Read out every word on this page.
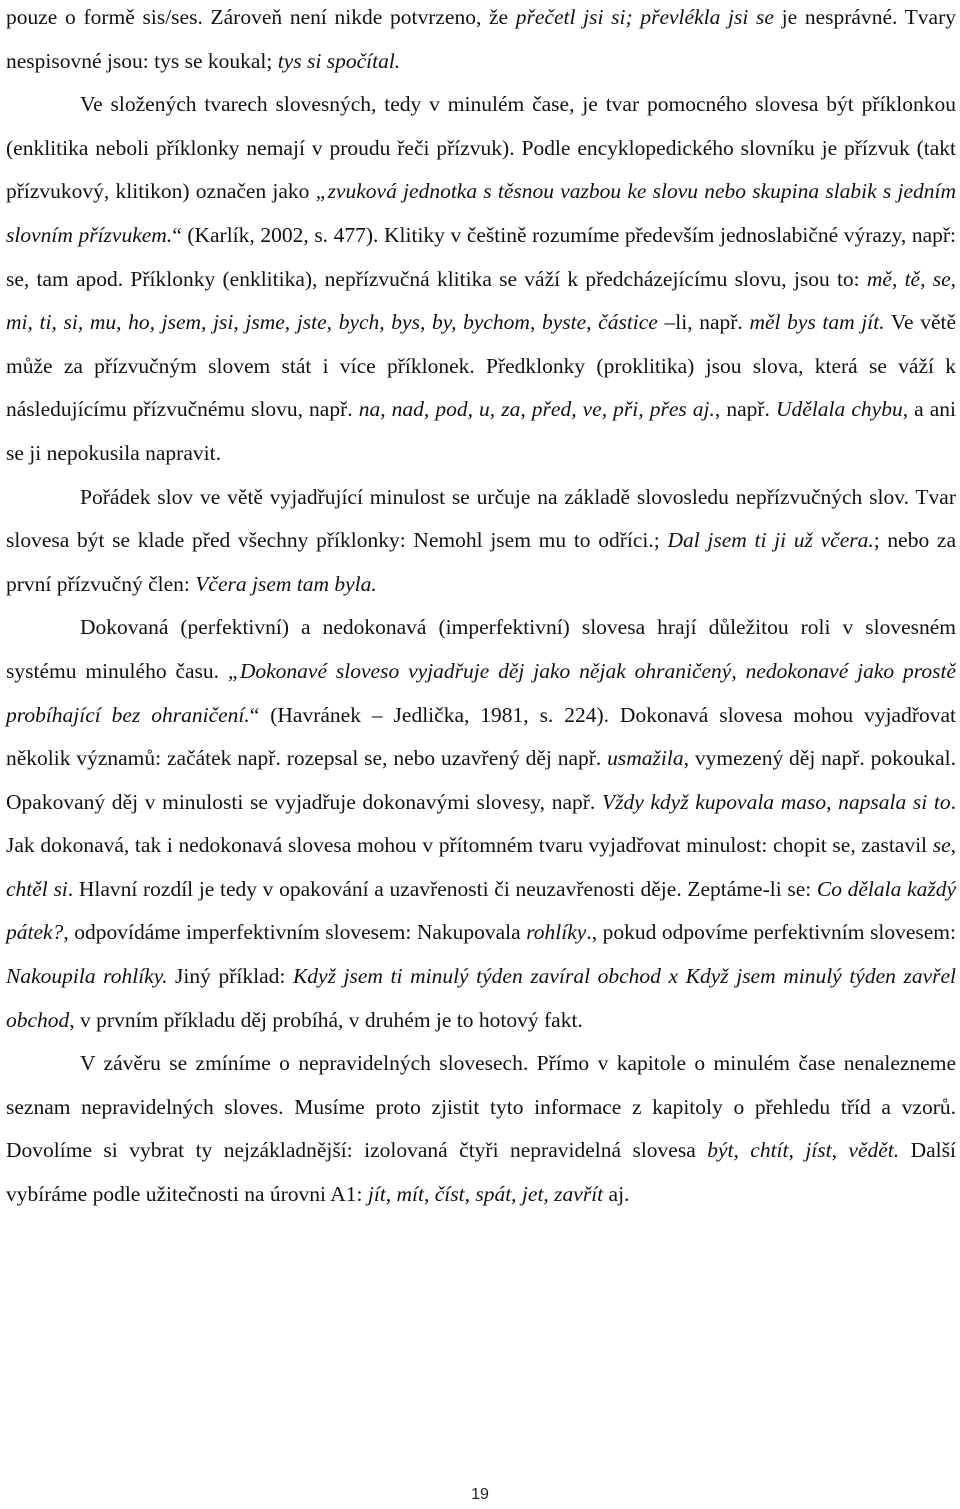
pouze o formě sis/ses. Zároveň není nikde potvrzeno, že přečetl jsi si; převlékla jsi se je nesprávné. Tvary nespisovné jsou: tys se koukal; tys si spočítal.

Ve složených tvarech slovesných, tedy v minulém čase, je tvar pomocného slovesa být příklonkou (enklitika neboli příklonky nemají v proudu řeči přízvuk). Podle encyklopedického slovníku je přízvuk (takt přízvukový, klitikon) označen jako „zvuková jednotka s těsnou vazbou ke slovu nebo skupina slabik s jedním slovním přízvukem.“ (Karlík, 2002, s. 477). Klitiky v češtině rozumíme především jednoslabičné výrazy, např: se, tam apod. Příklonky (enklitika), nepřízvučná klitika se váží k předcházejícímu slovu, jsou to: mě, tě, se, mi, ti, si, mu, ho, jsem, jsi, jsme, jste, bych, bys, by, bychom, byste, částice –li, např. měl bys tam jít. Ve větě může za přízvučným slovem stát i více příklonek. Předklonky (proklitika) jsou slova, která se váží k následujícímu přízvučnému slovu, např. na, nad, pod, u, za, před, ve, při, přes aj., např. Udělala chybu, a ani se ji nepokusila napravit.

Pořádek slov ve větě vyjadřující minulost se určuje na základě slovosledu nepřízvučných slov. Tvar slovesa být se klade před všechny příklonky: Nemohl jsem mu to odříci.; Dal jsem ti ji už včera.; nebo za první přízvučný člen: Včera jsem tam byla.

Dokovaná (perfektivní) a nedokonavá (imperfektivní) slovesa hrají důležitou roli v slovesném systému minulého času. „Dokonavé sloveso vyjadřuje děj jako nějak ohraničený, nedokonavé jako prostě probíhající bez ohraničení.“ (Havránek – Jedlička, 1981, s. 224). Dokonavá slovesa mohou vyjadřovat několik významů: začátek např. rozepsal se, nebo uzavřený děj např. usmažila, vymezený děj např. pokoukal. Opakovaný děj v minulosti se vyjadřuje dokonavými slovesy, např. Vždy když kupovala maso, napsala si to. Jak dokonavá, tak i nedokonavá slovesa mohou v přítomném tvaru vyjadřovat minulost: chopit se, zastavil se, chtěl si. Hlavní rozdíl je tedy v opakování a uzavřenosti či neuzavřenosti děje. Zeptáme-li se: Co dělala každý pátek?, odpovídáme imperfektivním slovesem: Nakupovala rohlíky., pokud odpovíme perfektivním slovesem: Nakoupila rohlíky. Jiný příklad: Když jsem ti minulý týden zavíral obchod x Když jsem minulý týden zavřel obchod, v prvním příkladu děj probíhá, v druhém je to hotový fakt.

V závěru se zmíníme o nepravidelných slovesech. Přímo v kapitole o minulém čase nenalezneme seznam nepravidelných sloves. Musíme proto zjistit tyto informace z kapitoly o přehledu tříd a vzorů. Dovolíme si vybrat ty nejzákladnější: izolovaná čtyři nepravidelná slovesa být, chtít, jíst, vědět. Další vybíráme podle užitečnosti na úrovni A1: jít, mít, číst, spát, jet, zavřít aj.

19
